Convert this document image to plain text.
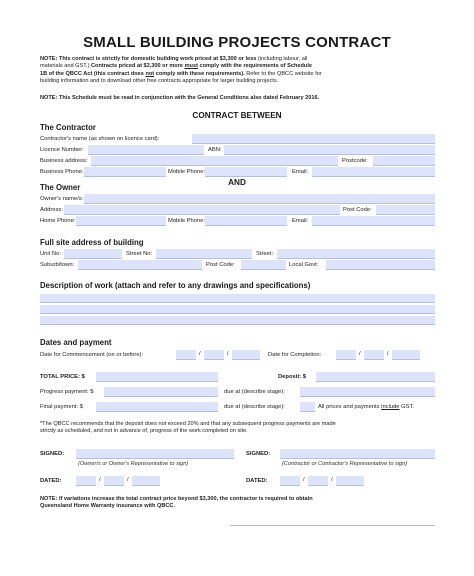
SMALL BUILDING PROJECTS CONTRACT
NOTE: This contract is strictly for domestic building work priced at $3,300 or less (including labour, all
materials and GST.) Contracts priced at $3,300 or more must comply with the requirements of Schedule
1B of the QBCC Act (this contract does not comply with these requirements). Refer to the QBCC website for
building information and to download other free contracts appropriate for larger building projects.
NOTE: This Schedule must be read in conjunction with the General Conditions also dated February 2016.
CONTRACT BETWEEN
The Contractor
Contractor's name (as shown on licence card):
Licence Number:	ABN:
Business address:	Postcode:
Business Phone:	Mobile Phone:	Email:
AND
The Owner
Owner's name/s:
Address:	Post Code:
Home Phone:	Mobile Phone:	Email:
Full site address of building
Unit No:	Street No:	Street:
Suburb/town:	Post Code:	Local Govt:
Description of work (attach and refer to any drawings and specifications)
Dates and payment
Date for Commencement (on or before):	/	/	Date for Completion:	/	/
TOTAL PRICE: $	Deposit: $
Progress payment: $	due at (describe stage):
Final payment: $	due at (describe stage):	All prices and payments include GST.
*The QBCC recommends that the deposit does not exceed 20% and that any subsequent progress payments are made
strictly as scheduled, and not in advance of, progress of the work completed on site.
SIGNED:	SIGNED:
(Owner/s or Owner's Representative to sign)	(Contractor or Contractor's Representative to sign)
DATED:	/	/	DATED:	/	/
NOTE: If variations increase the total contract price beyond $3,300, the contractor is required to obtain
Queensland Home Warranty insurance with QBCC.
